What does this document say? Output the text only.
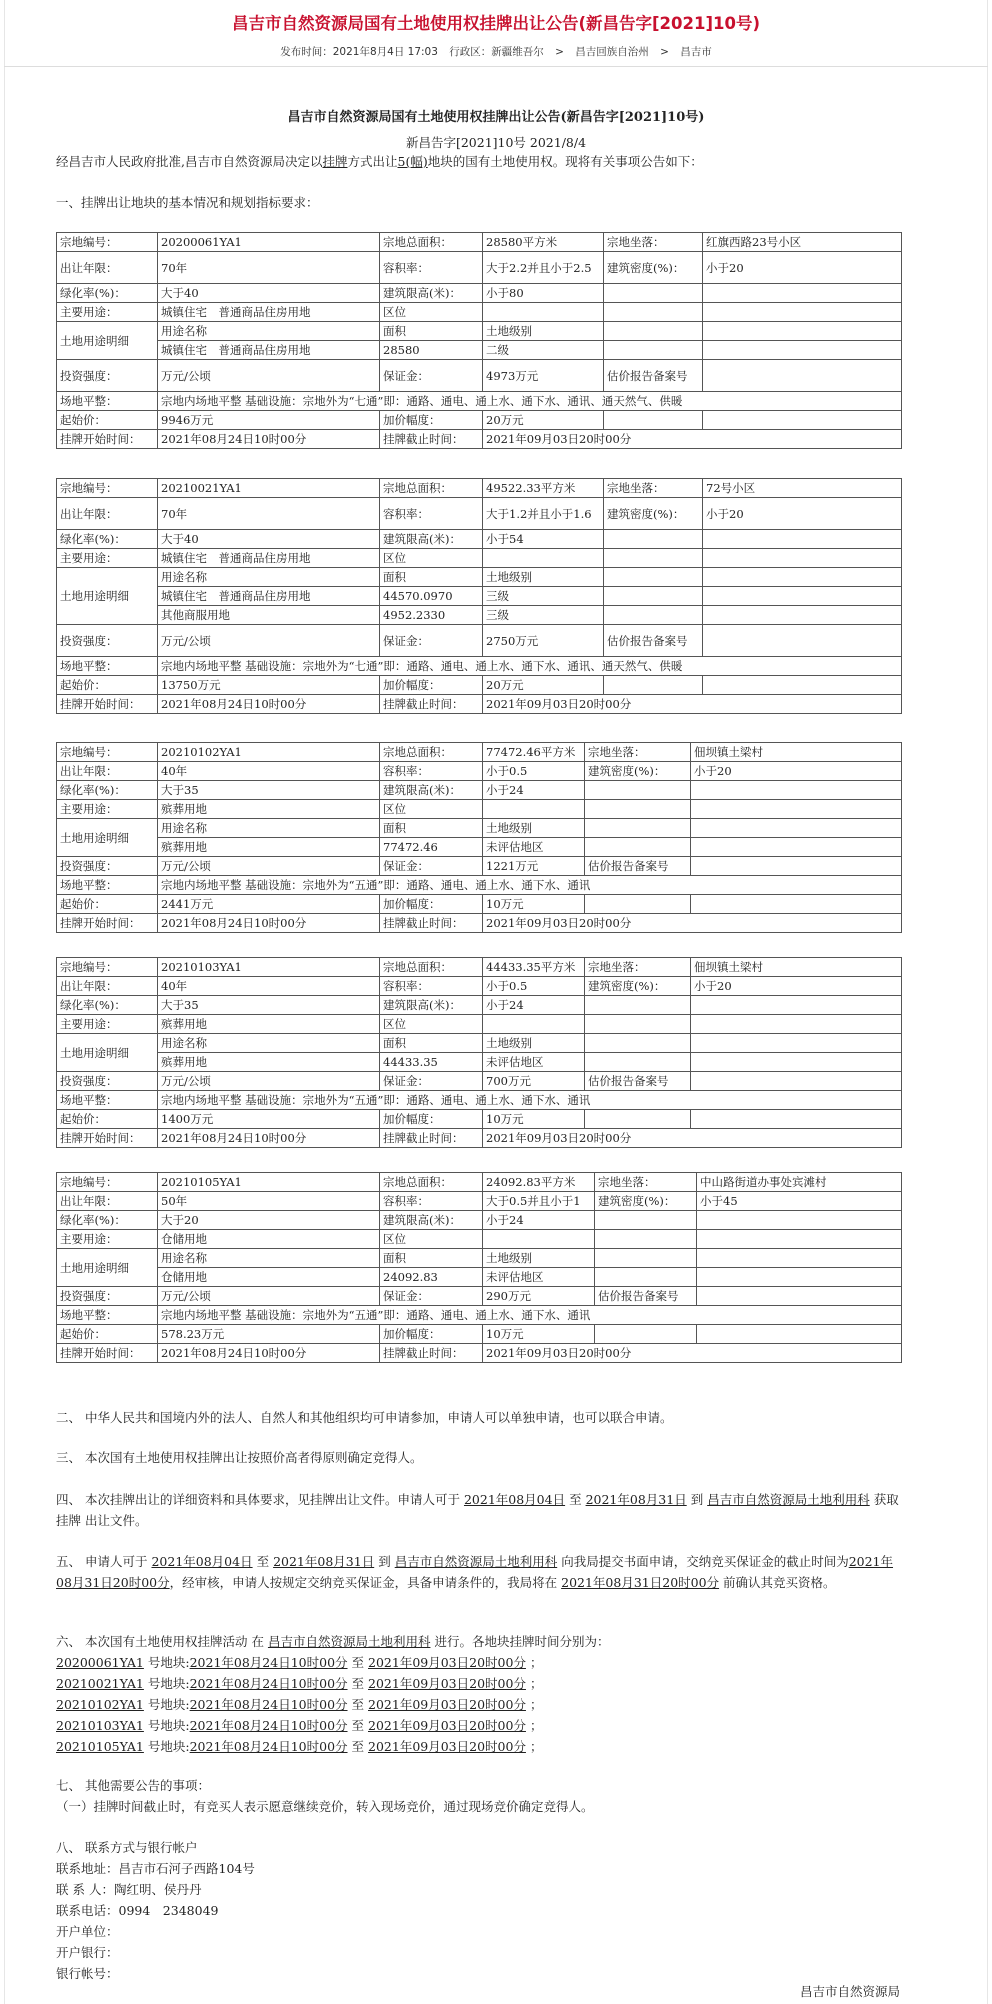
昌吉市自然资源局国有土地使用权挂牌出让公告(新昌告字[2021]10号)
发布时间：2021年8月4日 17:03 行政区：新疆维吾尔 > 昌吉回族自治州 > 昌吉市
昌吉市自然资源局国有土地使用权挂牌出让公告(新昌告字[2021]10号)
新昌告字[2021]10号 2021/8/4
经昌吉市人民政府批准,昌吉市自然资源局决定以挂牌方式出让5(幅)地块的国有土地使用权。现将有关事项公告如下：
一、挂牌出让地块的基本情况和规划指标要求：
宗地编号：	20200061YA1	宗地总面积：	28580平方米	宗地坐落：	红旗西路23号小区
出让年限：	70年	容积率：	大于2.2并且小于2.5	建筑密度(%)：	小于20
绿化率(%)：	大于40	建筑限高(米)：	小于80		
主要用途：	城镇住宅　普通商品住房用地	区位			
土地用途明细	用途名称	面积	土地级别		
	城镇住宅　普通商品住房用地	28580	二级		
投资强度：	万元/公顷	保证金：	4973万元	估价报告备案号	
场地平整：	宗地内场地平整 基础设施：宗地外为“七通”即：通路、通电、通上水、通下水、通讯、通天然气、供暖				
起始价：	9946万元	加价幅度：	20万元		
挂牌开始时间：	2021年08月24日10时00分	挂牌截止时间：	2021年09月03日20时00分		
宗地编号：	20210021YA1	宗地总面积：	49522.33平方米	宗地坐落：	72号小区
出让年限：	70年	容积率：	大于1.2并且小于1.6	建筑密度(%)：	小于20
绿化率(%)：	大于40	建筑限高(米)：	小于54		
主要用途：	城镇住宅　普通商品住房用地	区位			
土地用途明细	用途名称	面积	土地级别		
	城镇住宅　普通商品住房用地	44570.0970	三级		
	其他商服用地	4952.2330	三级		
投资强度：	万元/公顷	保证金：	2750万元	估价报告备案号	
场地平整：	宗地内场地平整 基础设施：宗地外为“七通”即：通路、通电、通上水、通下水、通讯、通天然气、供暖				
起始价：	13750万元	加价幅度：	20万元		
挂牌开始时间：	2021年08月24日10时00分	挂牌截止时间：	2021年09月03日20时00分		
宗地编号：	20210102YA1	宗地总面积：	77472.46平方米	宗地坐落：	佃坝镇土梁村
出让年限：	40年	容积率：	小于0.5	建筑密度(%)：	小于20
绿化率(%)：	大于35	建筑限高(米)：	小于24		
主要用途：	殡葬用地	区位			
土地用途明细	用途名称	面积	土地级别		
	殡葬用地	77472.46	未评估地区		
投资强度：	万元/公顷	保证金：	1221万元	估价报告备案号	
场地平整：	宗地内场地平整 基础设施：宗地外为“五通”即：通路、通电、通上水、通下水、通讯				
起始价：	2441万元	加价幅度：	10万元		
挂牌开始时间：	2021年08月24日10时00分	挂牌截止时间：	2021年09月03日20时00分		
宗地编号：	20210103YA1	宗地总面积：	44433.35平方米	宗地坐落：	佃坝镇土梁村
出让年限：	40年	容积率：	小于0.5	建筑密度(%)：	小于20
绿化率(%)：	大于35	建筑限高(米)：	小于24		
主要用途：	殡葬用地	区位			
土地用途明细	用途名称	面积	土地级别		
	殡葬用地	44433.35	未评估地区		
投资强度：	万元/公顷	保证金：	700万元	估价报告备案号	
场地平整：	宗地内场地平整 基础设施：宗地外为“五通”即：通路、通电、通上水、通下水、通讯				
起始价：	1400万元	加价幅度：	10万元		
挂牌开始时间：	2021年08月24日10时00分	挂牌截止时间：	2021年09月03日20时00分		
宗地编号：	20210105YA1	宗地总面积：	24092.83平方米	宗地坐落：	中山路街道办事处宾滩村
出让年限：	50年	容积率：	大于0.5并且小于1	建筑密度(%)：	小于45
绿化率(%)：	大于20	建筑限高(米)：	小于24		
主要用途：	仓储用地	区位			
土地用途明细	用途名称	面积	土地级别		
	仓储用地	24092.83	未评估地区		
投资强度：	万元/公顷	保证金：	290万元	估价报告备案号	
场地平整：	宗地内场地平整 基础设施：宗地外为“五通”即：通路、通电、通上水、通下水、通讯				
起始价：	578.23万元	加价幅度：	10万元		
挂牌开始时间：	2021年08月24日10时00分	挂牌截止时间：	2021年09月03日20时00分		
二、 中华人民共和国境内外的法人、自然人和其他组织均可申请参加，申请人可以单独申请，也可以联合申请。
三、 本次国有土地使用权挂牌出让按照价高者得原则确定竞得人。
四、 本次挂牌出让的详细资料和具体要求，见挂牌出让文件。申请人可于 2021年08月04日 至 2021年08月31日 到 昌吉市自然资源局土地利用科 获取 挂牌 出让文件。
五、 申请人可于 2021年08月04日 至 2021年08月31日 到 昌吉市自然资源局土地利用科 向我局提交书面申请，交纳竞买保证金的截止时间为2021年08月31日20时00分，经审核，申请人按规定交纳竞买保证金，具备申请条件的，我局将在 2021年08月31日20时00分 前确认其竞买资格。
六、 本次国有土地使用权挂牌活动 在 昌吉市自然资源局土地利用科 进行。各地块挂牌时间分别为：
20200061YA1 号地块:2021年08月24日10时00分 至 2021年09月03日20时00分 ；
20210021YA1 号地块:2021年08月24日10时00分 至 2021年09月03日20时00分 ；
20210102YA1 号地块:2021年08月24日10时00分 至 2021年09月03日20时00分 ；
20210103YA1 号地块:2021年08月24日10时00分 至 2021年09月03日20时00分 ；
20210105YA1 号地块:2021年08月24日10时00分 至 2021年09月03日20时00分 ；
七、 其他需要公告的事项：
（一）挂牌时间截止时，有竞买人表示愿意继续竞价，转入现场竞价，通过现场竞价确定竞得人。
八、 联系方式与银行帐户
联系地址：昌吉市石河子西路104号
联 系 人：陶红明、侯丹丹
联系电话：0994　2348049
开户单位：
开户银行：
银行帐号：
昌吉市自然资源局
